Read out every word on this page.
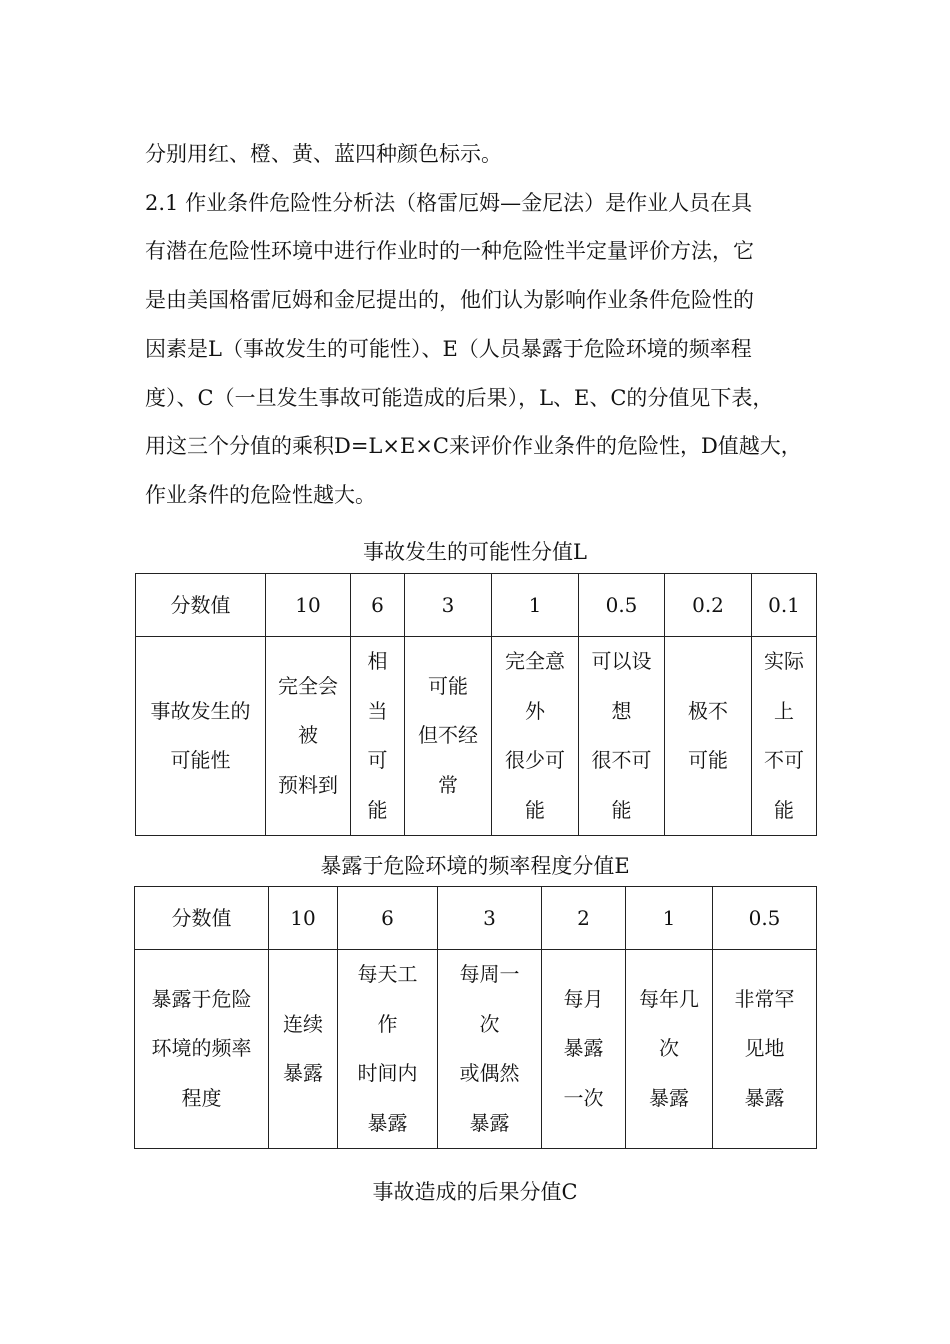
分别用红、橙、黄、蓝四种颜色标示。

2.1 作业条件危险性分析法（格雷厄姆—金尼法）是作业人员在具

有潜在危险性环境中进行作业时的一种危险性半定量评价方法，它

是由美国格雷厄姆和金尼提出的，他们认为影响作业条件危险性的

因素是L（事故发生的可能性）、E（人员暴露于危险环境的频率程

度）、C（一旦发生事故可能造成的后果），L、E、C的分值见下表，

用这三个分值的乘积D=L×E×C来评价作业条件的危险性，D值越大，

作业条件的危险性越大。

事故发生的可能性分值L
分数值	10	6	3	1	0.5	0.2	0.1

事故发生的
可能性	完全会
被
预料到	相
当
可
能	可能
但不经
常	完全意
外
很少可
能	可以设
想
很不可
能	极不
可能	实际
上
不可
能
暴露于危险环境的频率程度分值E
分数值	10	6	3	2	1	0.5

暴露于危险
环境的频率
程度	连续
暴露	每天工
作
时间内
暴露	每周一
次
或偶然
暴露	每月
暴露
一次	每年几
次
暴露	非常罕
见地
暴露
事故造成的后果分值C
